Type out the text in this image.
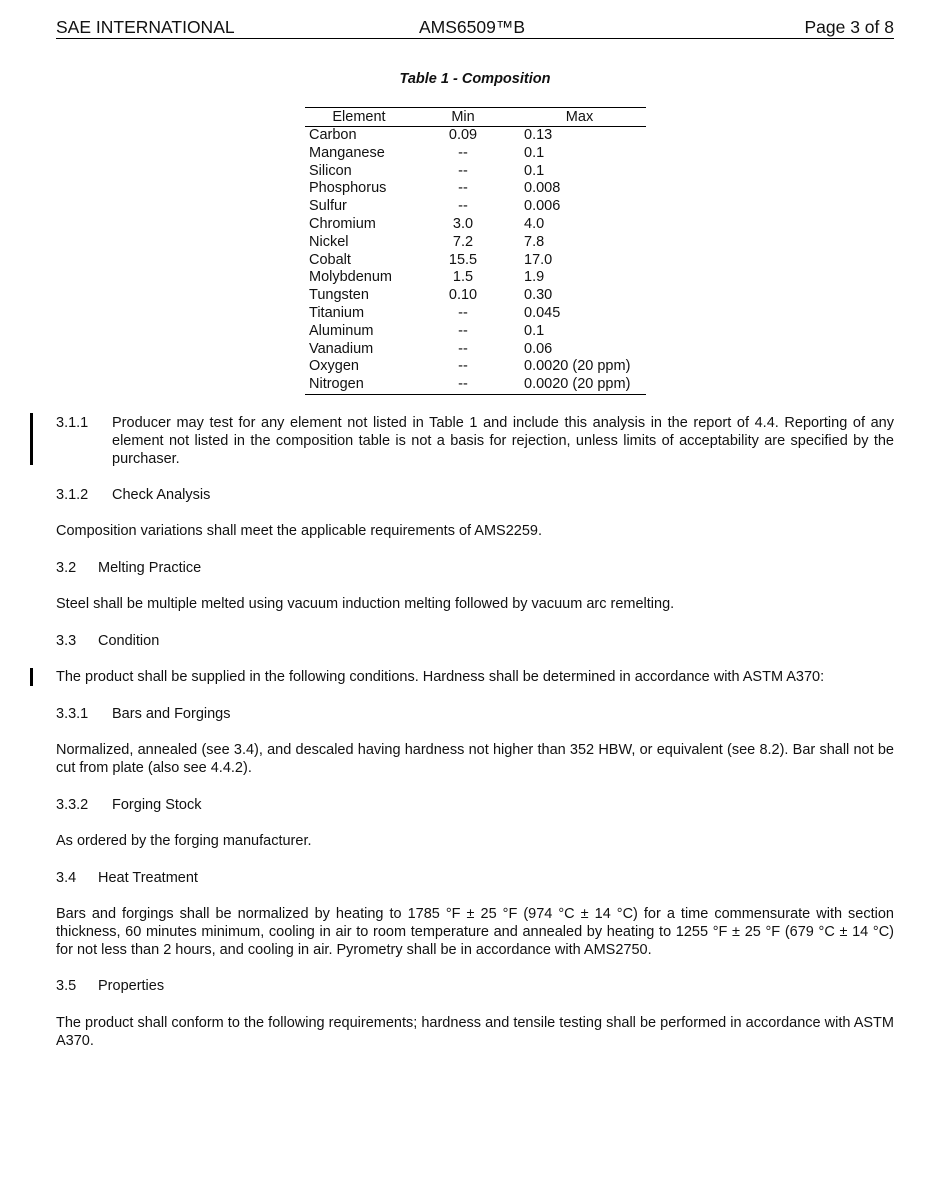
SAE INTERNATIONAL	AMS6509™B	Page 3 of 8
Table 1 - Composition
Element	Min	Max
Carbon	0.09	0.13
Manganese	--	0.1
Silicon	--	0.1
Phosphorus	--	0.008
Sulfur	--	0.006
Chromium	3.0	4.0
Nickel	7.2	7.8
Cobalt	15.5	17.0
Molybdenum	1.5	1.9
Tungsten	0.10	0.30
Titanium	--	0.045
Aluminum	--	0.1
Vanadium	--	0.06
Oxygen	--	0.0020 (20 ppm)
Nitrogen	--	0.0020 (20 ppm)
3.1.1 Producer may test for any element not listed in Table 1 and include this analysis in the report of 4.4. Reporting of any element not listed in the composition table is not a basis for rejection, unless limits of acceptability are specified by the purchaser.
3.1.2 Check Analysis
Composition variations shall meet the applicable requirements of AMS2259.
3.2 Melting Practice
Steel shall be multiple melted using vacuum induction melting followed by vacuum arc remelting.
3.3 Condition
The product shall be supplied in the following conditions. Hardness shall be determined in accordance with ASTM A370:
3.3.1 Bars and Forgings
Normalized, annealed (see 3.4), and descaled having hardness not higher than 352 HBW, or equivalent (see 8.2). Bar shall not be cut from plate (also see 4.4.2).
3.3.2 Forging Stock
As ordered by the forging manufacturer.
3.4 Heat Treatment
Bars and forgings shall be normalized by heating to 1785 °F ± 25 °F (974 °C ± 14 °C) for a time commensurate with section thickness, 60 minutes minimum, cooling in air to room temperature and annealed by heating to 1255 °F ± 25 °F (679 °C ± 14 °C) for not less than 2 hours, and cooling in air. Pyrometry shall be in accordance with AMS2750.
3.5 Properties
The product shall conform to the following requirements; hardness and tensile testing shall be performed in accordance with ASTM A370.
